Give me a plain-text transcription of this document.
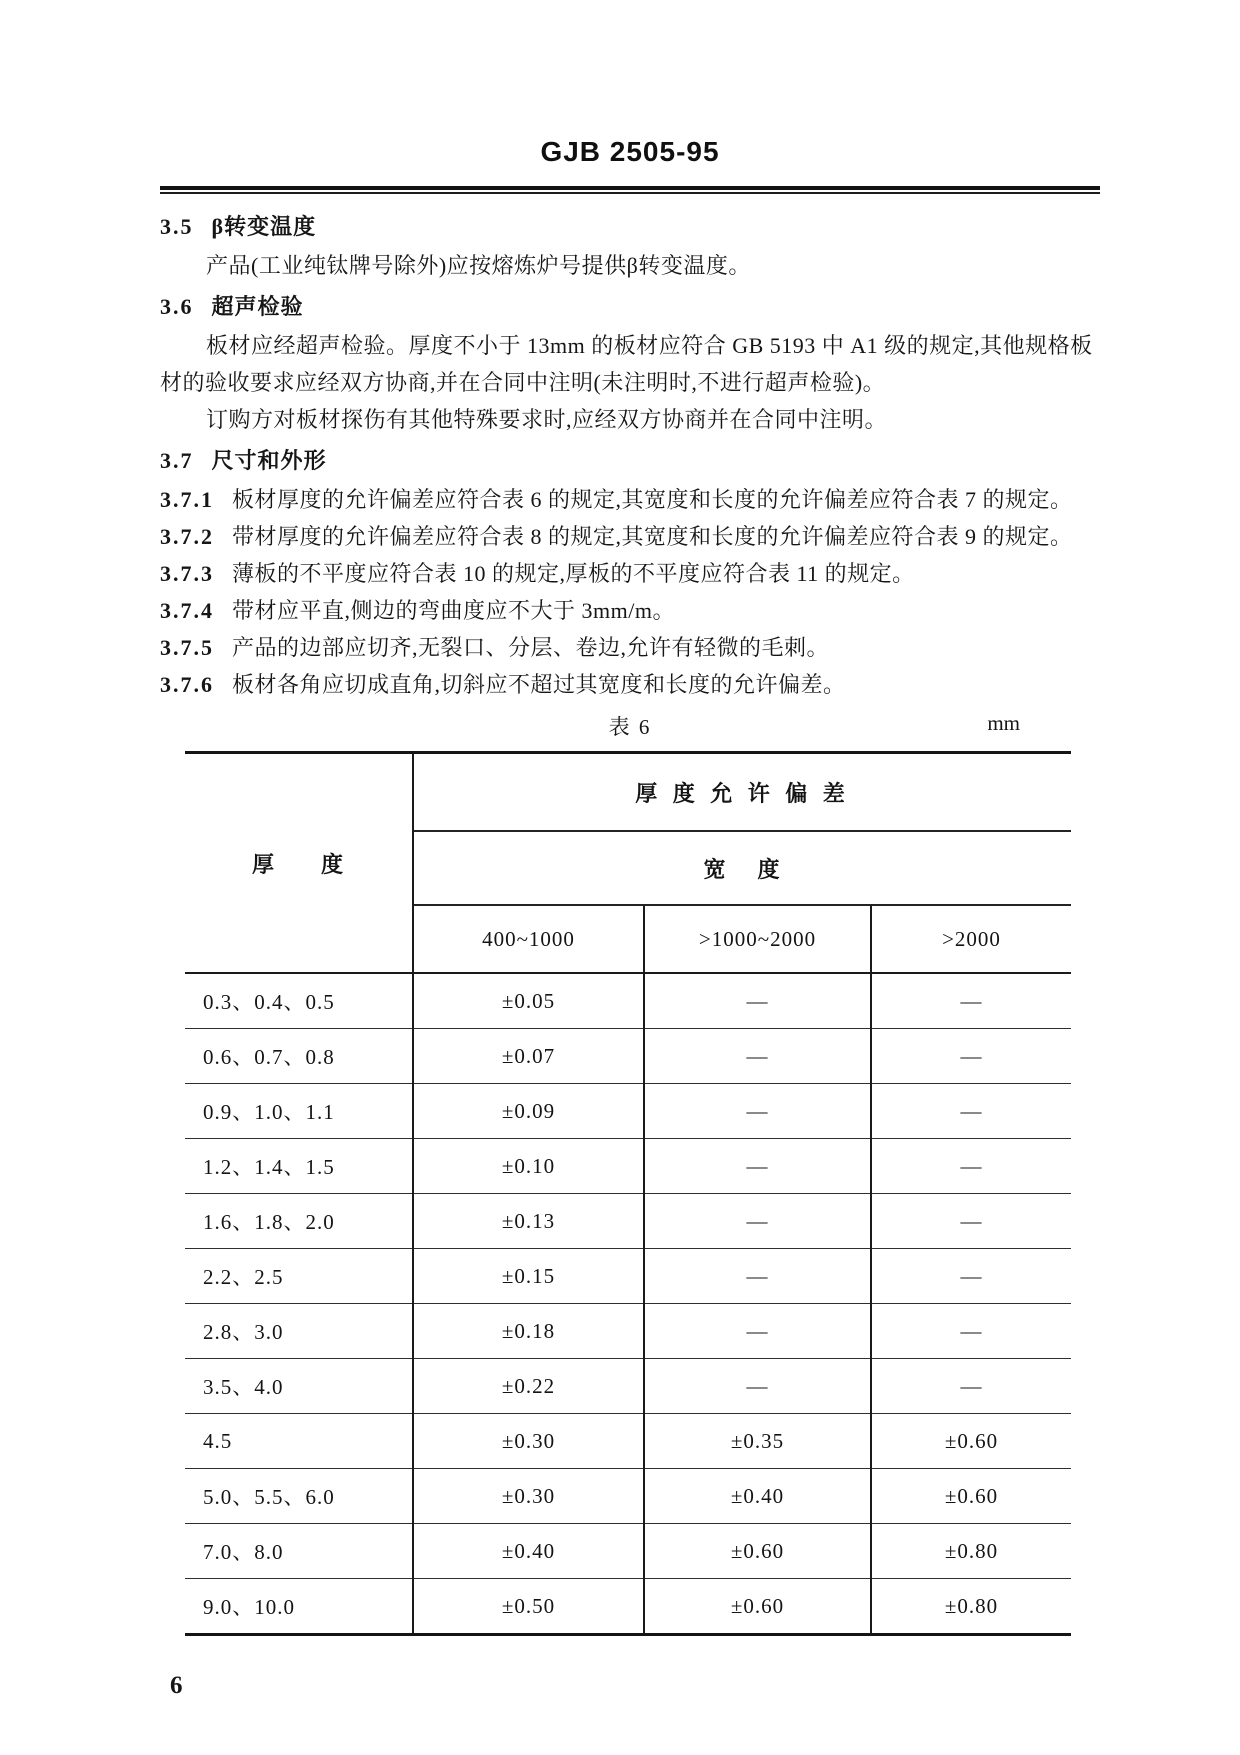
GJB 2505-95
3.5 β转变温度
产品(工业纯钛牌号除外)应按熔炼炉号提供β转变温度。
3.6 超声检验
板材应经超声检验。厚度不小于 13mm 的板材应符合 GB 5193 中 A1 级的规定,其他规格板材的验收要求应经双方协商,并在合同中注明(未注明时,不进行超声检验)。
订购方对板材探伤有其他特殊要求时,应经双方协商并在合同中注明。
3.7 尺寸和外形
3.7.1 板材厚度的允许偏差应符合表 6 的规定,其宽度和长度的允许偏差应符合表 7 的规定。
3.7.2 带材厚度的允许偏差应符合表 8 的规定,其宽度和长度的允许偏差应符合表 9 的规定。
3.7.3 薄板的不平度应符合表 10 的规定,厚板的不平度应符合表 11 的规定。
3.7.4 带材应平直,侧边的弯曲度应不大于 3mm/m。
3.7.5 产品的边部应切齐,无裂口、分层、卷边,允许有轻微的毛刺。
3.7.6 板材各角应切成直角,切斜应不超过其宽度和长度的允许偏差。
表 6	mm
厚      度	厚 度 允 许 偏 差		
	宽    度		
	400~1000	>1000~2000	>2000
0.3、0.4、0.5	±0.05	—	—
0.6、0.7、0.8	±0.07	—	—
0.9、1.0、1.1	±0.09	—	—
1.2、1.4、1.5	±0.10	—	—
1.6、1.8、2.0	±0.13	—	—
2.2、2.5	±0.15	—	—
2.8、3.0	±0.18	—	—
3.5、4.0	±0.22	—	—
4.5	±0.30	±0.35	±0.60
5.0、5.5、6.0	±0.30	±0.40	±0.60
7.0、8.0	±0.40	±0.60	±0.80
9.0、10.0	±0.50	±0.60	±0.80
6
